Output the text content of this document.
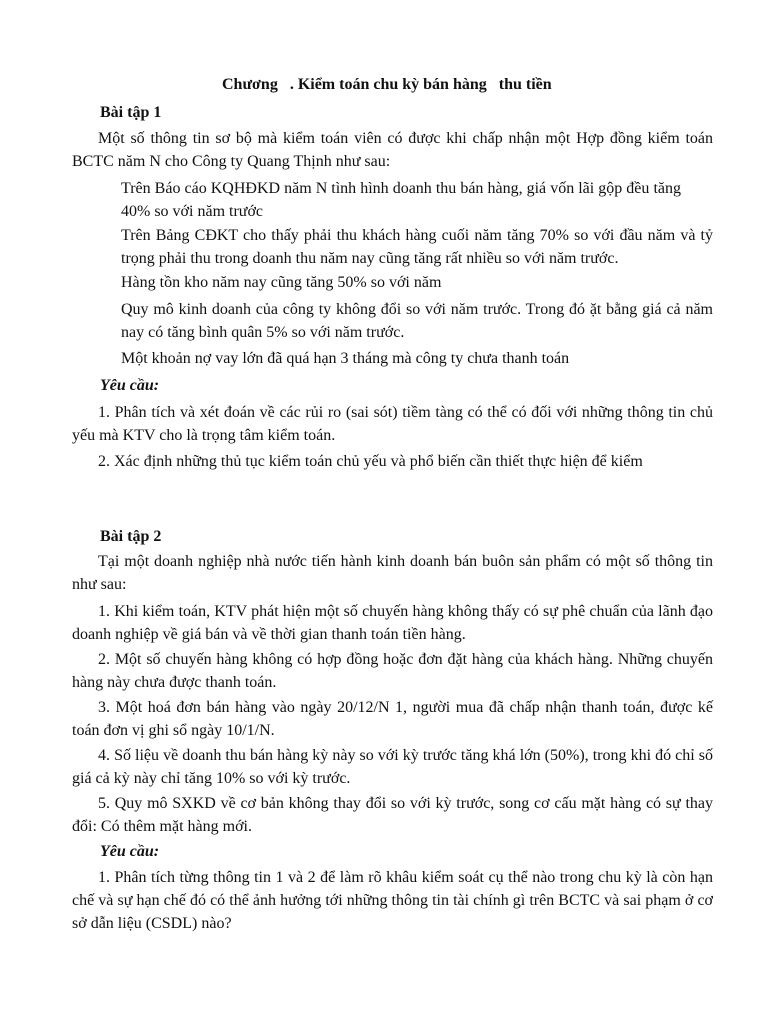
Chương   . Kiểm toán chu kỳ bán hàng   thu tiền
Bài tập 1
Một số thông tin sơ bộ mà kiểm toán viên có được khi chấp nhận một Hợp đồng kiểm toán BCTC năm N cho Công ty Quang Thịnh như sau:
Trên Báo cáo KQHĐKD năm N tình hình doanh thu bán hàng, giá vốn lãi gộp đều tăng 40% so với năm trước
Trên Bảng CĐKT cho thấy phải thu khách hàng cuối năm tăng 70% so với đầu năm và tỷ trọng phải thu trong doanh thu năm nay cũng tăng rất nhiều so với năm trước.
Hàng tồn kho năm nay cũng tăng 50% so với năm
Quy mô kinh doanh của công ty không đổi so với năm trước. Trong đó ặt bằng giá cả năm nay có tăng bình quân 5% so với năm trước.
Một khoản nợ vay lớn đã quá hạn 3 tháng mà công ty chưa thanh toán
Yêu cầu:
1. Phân tích và xét đoán về các rủi ro (sai sót) tiềm tàng có thể có đối với những thông tin chủ yếu mà KTV cho là trọng tâm kiểm toán.
2. Xác định những thủ tục kiểm toán chủ yếu và phổ biến cần thiết thực hiện để kiểm
Bài tập 2
Tại một doanh nghiệp nhà nước tiến hành kinh doanh bán buôn sản phẩm có một số thông tin như sau:
1. Khi kiểm toán, KTV phát hiện một số chuyến hàng không thấy có sự phê chuẩn của lãnh đạo doanh nghiệp về giá bán và về thời gian thanh toán tiền hàng.
2. Một số chuyến hàng không có hợp đồng hoặc đơn đặt hàng của khách hàng. Những chuyến hàng này chưa được thanh toán.
3. Một hoá đơn bán hàng vào ngày 20/12/N 1, người mua đã chấp nhận thanh toán, được kế toán đơn vị ghi sổ ngày 10/1/N.
4. Số liệu về doanh thu bán hàng kỳ này so với kỳ trước tăng khá lớn (50%), trong khi đó chỉ số giá cả kỳ này chỉ tăng 10% so với kỳ trước.
5. Quy mô SXKD về cơ bản không thay đổi so với kỳ trước, song cơ cấu mặt hàng có sự thay đổi: Có thêm mặt hàng mới.
Yêu cầu:
1. Phân tích từng thông tin 1 và 2 để làm rõ khâu kiểm soát cụ thể nào trong chu kỳ là còn hạn chế và sự hạn chế đó có thể ảnh hưởng tới những thông tin tài chính gì trên BCTC và sai phạm ở cơ sở dẫn liệu (CSDL) nào?
